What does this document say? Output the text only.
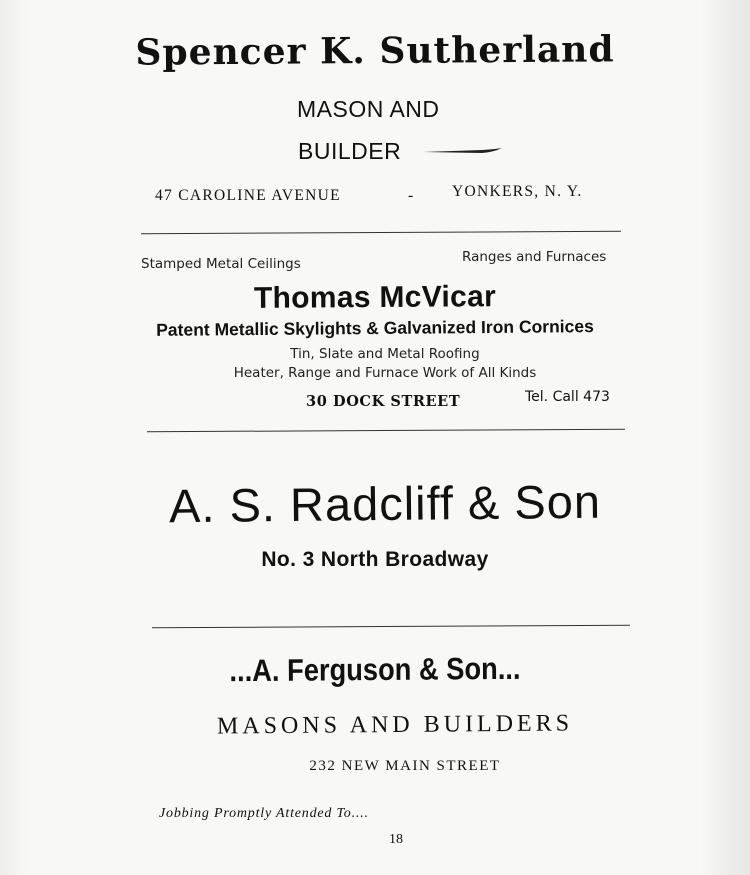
Spencer K. Sutherland
MASON AND
BUILDER
47 CAROLINE AVENUE	- YONKERS, N. Y.
Stamped Metal Ceilings	Ranges and Furnaces
Thomas McVicar
Patent Metallic Skylights & Galvanized Iron Cornices
Tin, Slate and Metal Roofing
Heater, Range and Furnace Work of All Kinds
30 DOCK STREET	Tel. Call 473
A. S. Radcliff & Son
No. 3 North Broadway
...A. Ferguson & Son...
MASONS AND BUILDERS
232 NEW MAIN STREET
Jobbing Promptly Attended To....
18
